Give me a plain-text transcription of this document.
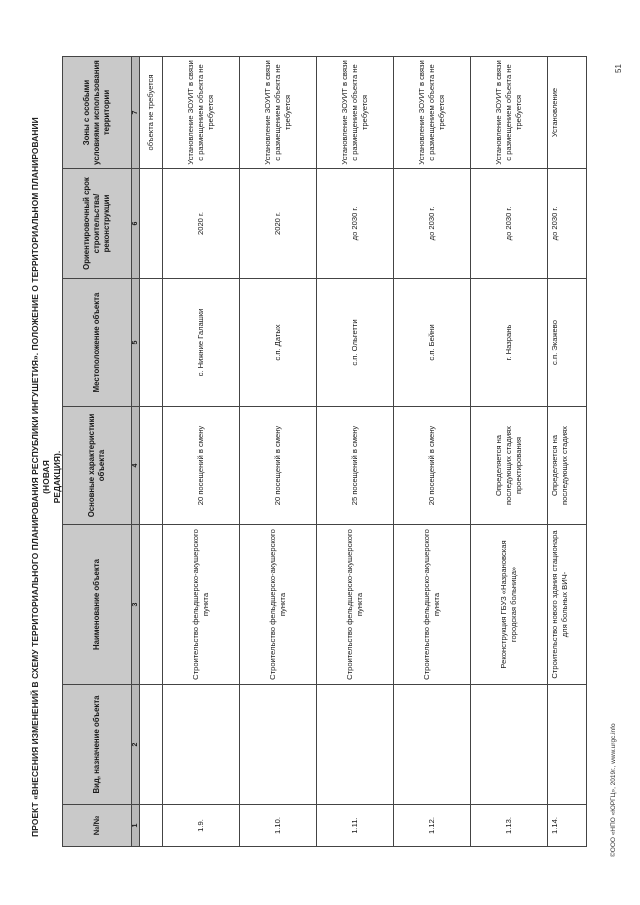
ПРОЕКТ «ВНЕСЕНИЯ ИЗМЕНЕНИЙ В СХЕМУ ТЕРРИТОРИАЛЬНОГО ПЛАНИРОВАНИЯ РЕСПУБЛИКИ ИНГУШЕТИЯ». ПОЛОЖЕНИЕ О ТЕРРИТОРИАЛЬНОМ ПЛАНИРОВАНИИ (НОВАЯ РЕДАКЦИЯ).
№/№	Вид, назначение объекта	Наименование объекта	Основные характеристики объекта	Местоположение объекта	Ориентировочный срок строительства/ реконструкции	Зоны с особыми условиями использования территории
1	2	3	4	5	6	7
						объекта не требуется
1.9.		Строительство фельдшерско-акушерского пункта	20 посещений в смену	с. Нижние Галашки	2020 г.	Установление ЗОУИТ в связи с размещением объекта не требуется
1.10.		Строительство фельдшерско-акушерского пункта	20 посещений в смену	с.п. Датых	2020 г.	Установление ЗОУИТ в связи с размещением объекта не требуется
1.11.		Строительство фельдшерско-акушерского пункта	25 посещений в смену	с.п. Ольгетти	до 2030 г.	Установление ЗОУИТ в связи с размещением объекта не требуется
1.12.		Строительство фельдшерско-акушерского пункта	20 посещений в смену	с.п. Бейни	до 2030 г.	Установление ЗОУИТ в связи с размещением объекта не требуется
1.13.		Реконструкция ГБУЗ «Назрановская городская больница»	Определяется на последующих стадиях проектирования	г. Назрань	до 2030 г.	Установление ЗОУИТ в связи с размещением объекта не требуется
1.14.		Строительство нового здания стационара для больных ВИЧ-	Определяется на последующих стадиях	с.п. Экажево	до 2030 г.	Установление
©ООО «НПО «ЮРГЦ», 2019г., www.urgc.info
51
